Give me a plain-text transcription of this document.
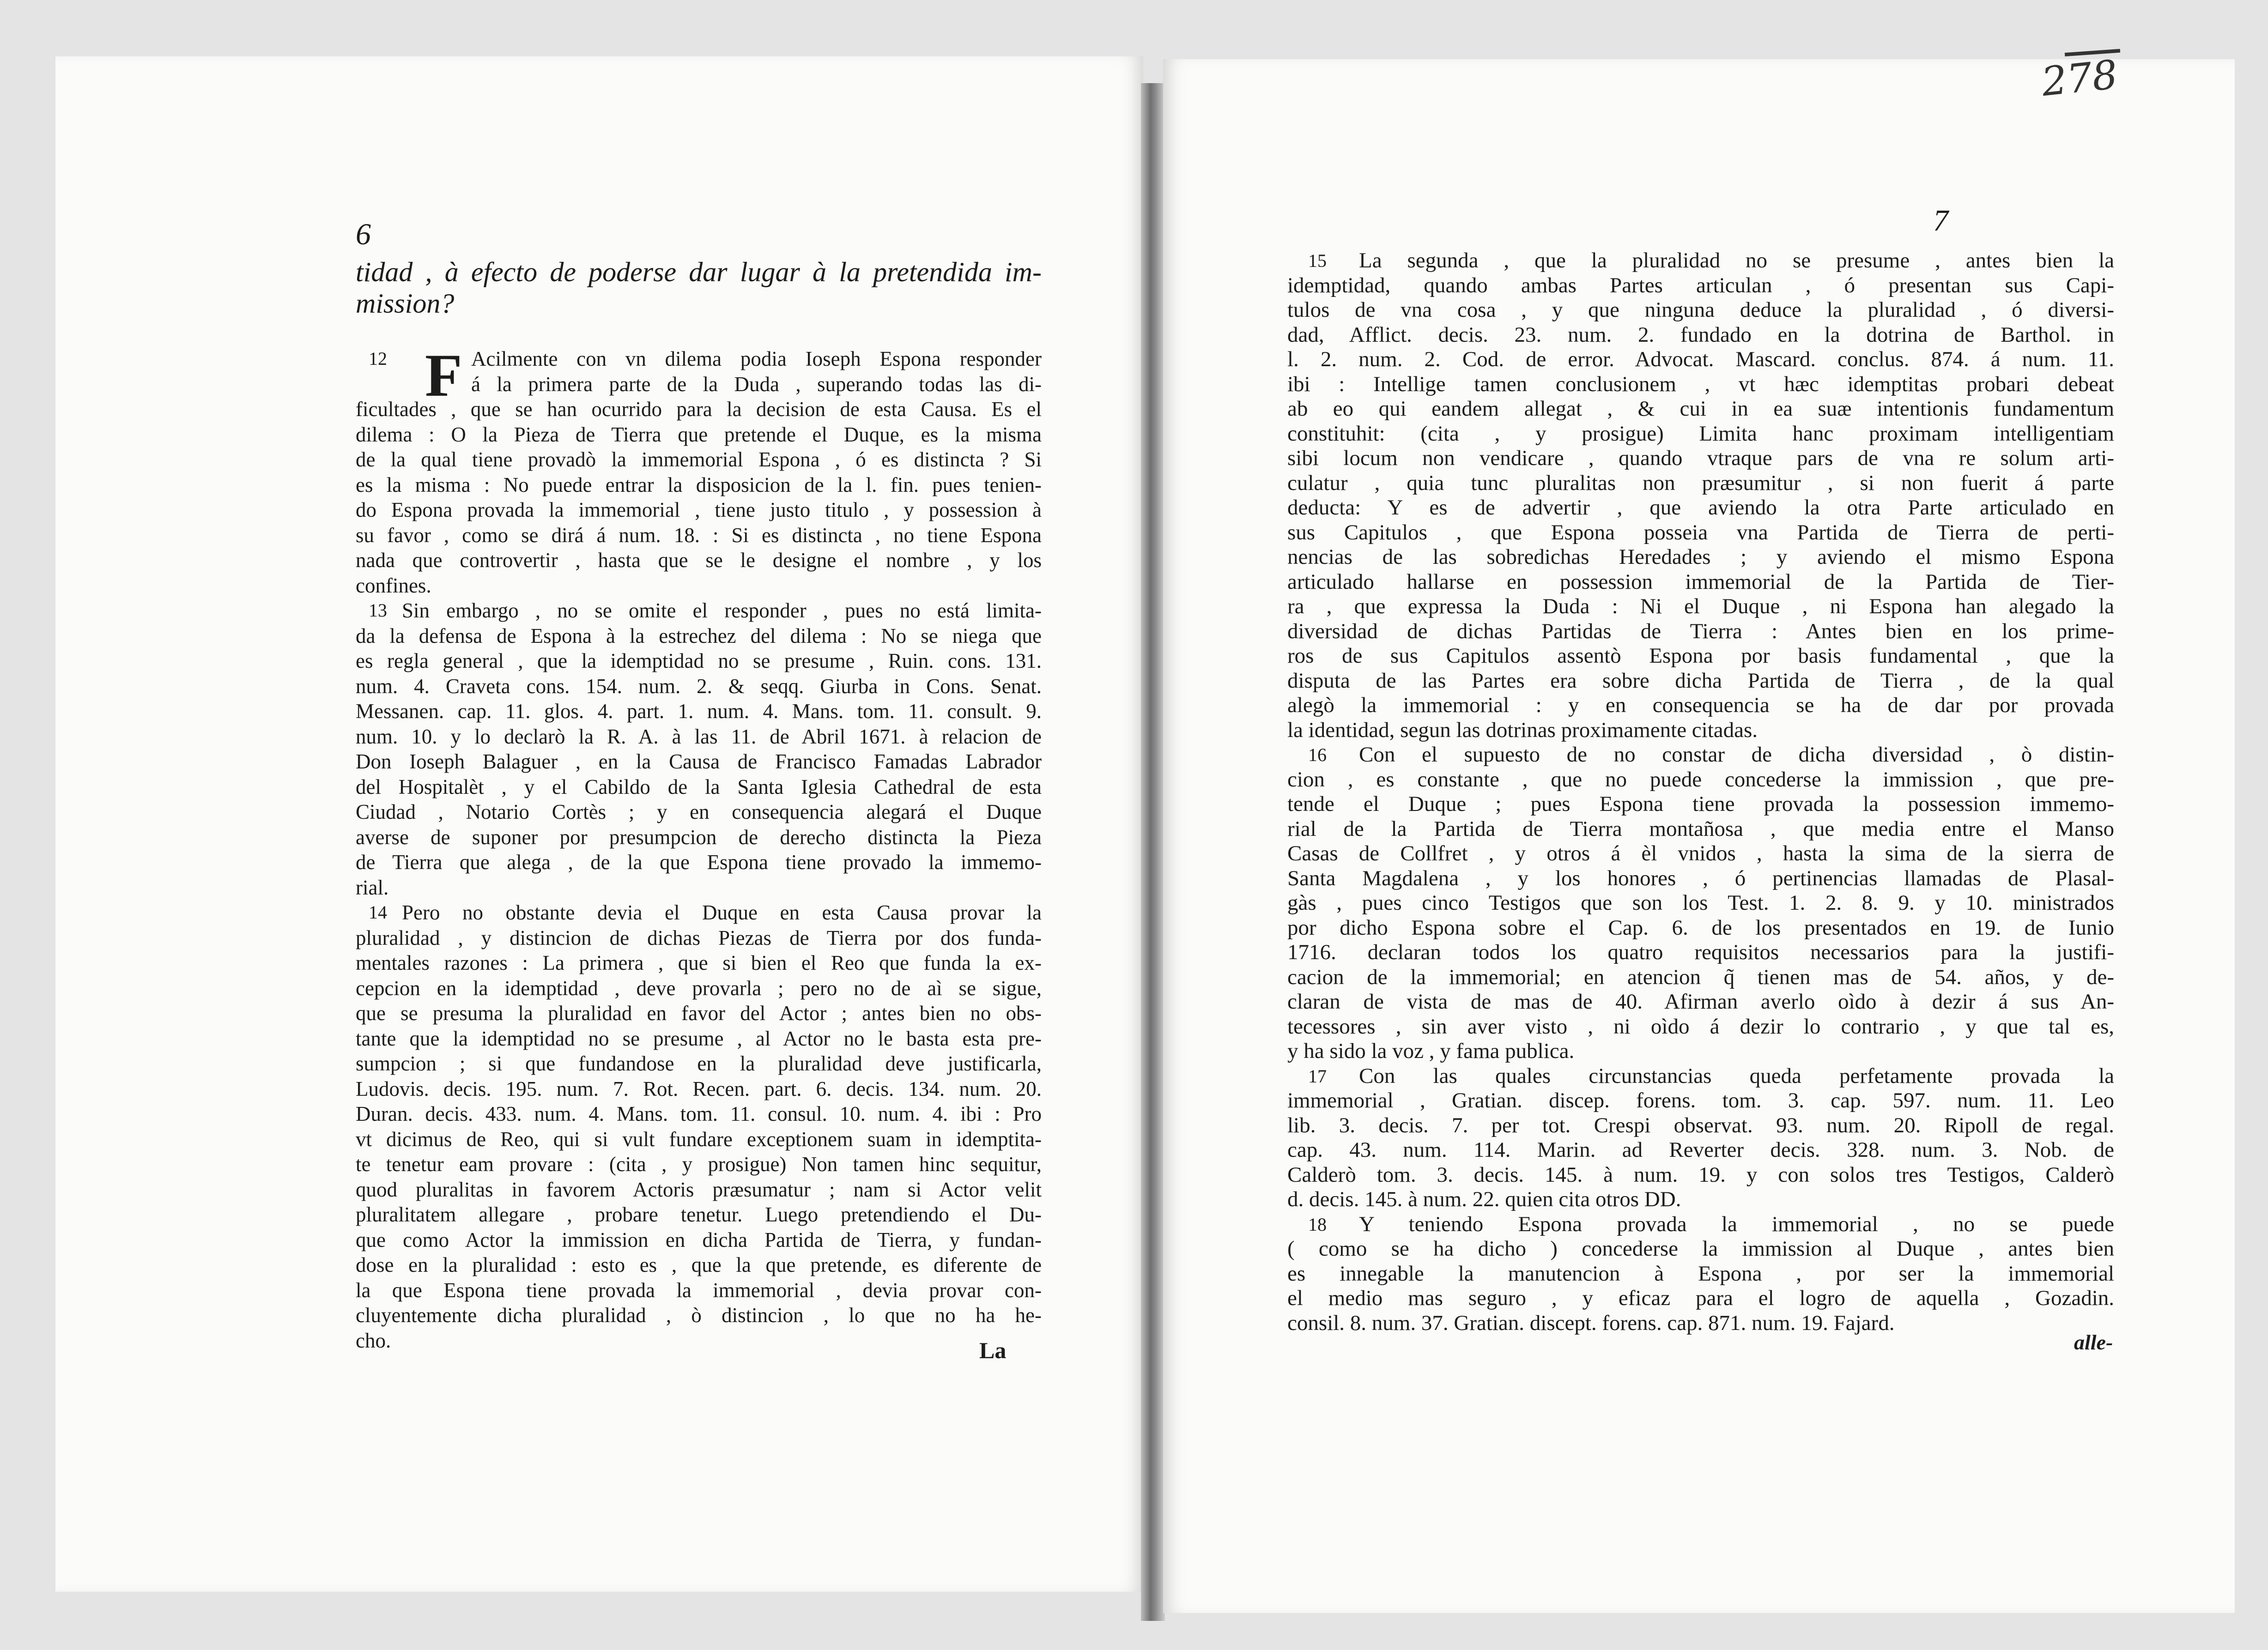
278
6
tidad , à efecto de poderse dar lugar à la pretendida im-
mission?
12 F Acilmente con vn dilema podia Ioseph Espona responder
á la primera parte de la Duda , superando todas las di-
ficultades , que se han ocurrido para la decision de esta Causa. Es el
dilema : O la Pieza de Tierra que pretende el Duque, es la misma
de la qual tiene provadò la immemorial Espona , ó es distincta ? Si
es la misma : No puede entrar la disposicion de la l. fin. pues tenien-
do Espona provada la immemorial , tiene justo titulo , y possession à
su favor , como se dirá á num. 18. : Si es distincta , no tiene Espona
nada que controvertir , hasta que se le designe el nombre , y los
confines.
13 Sin embargo , no se omite el responder , pues no está limita-
da la defensa de Espona à la estrechez del dilema : No se niega que
es regla general , que la idemptidad no se presume , Ruin. cons. 131.
num. 4. Craveta cons. 154. num. 2. & seqq. Giurba in Cons. Senat.
Messanen. cap. 11. glos. 4. part. 1. num. 4. Mans. tom. 11. consult. 9.
num. 10. y lo declarò la R. A. à las 11. de Abril 1671. à relacion de
Don Ioseph Balaguer , en la Causa de Francisco Famadas Labrador
del Hospitalèt , y el Cabildo de la Santa Iglesia Cathedral de esta
Ciudad , Notario Cortès ; y en consequencia alegará el Duque
averse de suponer por presumpcion de derecho distincta la Pieza
de Tierra que alega , de la que Espona tiene provado la immemo-
rial.
14 Pero no obstante devia el Duque en esta Causa provar la
pluralidad , y distincion de dichas Piezas de Tierra por dos funda-
mentales razones : La primera , que si bien el Reo que funda la ex-
cepcion en la idemptidad , deve provarla ; pero no de aì se sigue,
que se presuma la pluralidad en favor del Actor ; antes bien no obs-
tante que la idemptidad no se presume , al Actor no le basta esta pre-
sumpcion ; si que fundandose en la pluralidad deve justificarla,
Ludovis. decis. 195. num. 7. Rot. Recen. part. 6. decis. 134. num. 20.
Duran. decis. 433. num. 4. Mans. tom. 11. consul. 10. num. 4. ibi : Pro
vt dicimus de Reo, qui si vult fundare exceptionem suam in idemptita-
te tenetur eam provare : (cita , y prosigue) Non tamen hinc sequitur,
quod pluralitas in favorem Actoris præsumatur ; nam si Actor velit
pluralitatem allegare , probare tenetur. Luego pretendiendo el Du-
que como Actor la immission en dicha Partida de Tierra, y fundan-
dose en la pluralidad : esto es , que la que pretende, es diferente de
la que Espona tiene provada la immemorial , devia provar con-
cluyentemente dicha pluralidad , ò distincion , lo que no ha he-
cho.	La
7
15	La segunda , que la pluralidad no se presume , antes bien la
idemptidad, quando ambas Partes articulan , ó presentan sus Capi-
tulos de vna cosa , y que ninguna deduce la pluralidad , ó diversi-
dad, Afflict. decis. 23. num. 2. fundado en la dotrina de Barthol. in
l. 2. num. 2. Cod. de error. Advocat. Mascard. conclus. 874. á num. 11.
ibi : Intellige tamen conclusionem , vt hæc idemptitas probari debeat
ab eo qui eandem allegat , & cui in ea suæ intentionis fundamentum
constituhit: (cita , y prosigue) Limita hanc proximam intelligentiam
sibi locum non vendicare , quando vtraque pars de vna re solum arti-
culatur , quia tunc pluralitas non præsumitur , si non fuerit á parte
deducta: Y es de advertir , que aviendo la otra Parte articulado en
sus Capitulos , que Espona posseia vna Partida de Tierra de perti-
nencias de las sobredichas Heredades ; y aviendo el mismo Espona
articulado hallarse en possession immemorial de la Partida de Tier-
ra , que expressa la Duda : Ni el Duque , ni Espona han alegado la
diversidad de dichas Partidas de Tierra : Antes bien en los prime-
ros de sus Capitulos assentò Espona por basis fundamental , que la
disputa de las Partes era sobre dicha Partida de Tierra , de la qual
alegò la immemorial : y en consequencia se ha de dar por provada
la identidad, segun las dotrinas proximamente citadas.
16	Con el supuesto de no constar de dicha diversidad , ò distin-
cion , es constante , que no puede concederse la immission , que pre-
tende el Duque ; pues Espona tiene provada la possession immemo-
rial de la Partida de Tierra montañosa , que media entre el Manso
Casas de Collfret , y otros á èl vnidos , hasta la sima de la sierra de
Santa Magdalena , y los honores , ó pertinencias llamadas de Plasal-
gàs , pues cinco Testigos que son los Test. 1. 2. 8. 9. y 10. ministrados
por dicho Espona sobre el Cap. 6. de los presentados en 19. de Iunio
1716. declaran todos los quatro requisitos necessarios para la justifi-
cacion de la immemorial; en atencion q̃ tienen mas de 54. años, y de-
claran de vista de mas de 40. Afirman averlo oìdo à dezir á sus An-
tecessores , sin aver visto , ni oìdo á dezir lo contrario , y que tal es,
y ha sido la voz , y fama publica.
17	Con las quales circunstancias queda perfetamente provada la
immemorial , Gratian. discep. forens. tom. 3. cap. 597. num. 11. Leo
lib. 3. decis. 7. per tot. Crespi observat. 93. num. 20. Ripoll de regal.
cap. 43. num. 114. Marin. ad Reverter decis. 328. num. 3. Nob. de
Calderò tom. 3. decis. 145. à num. 19. y con solos tres Testigos, Calderò
d. decis. 145. à num. 22. quien cita otros DD.
18	Y teniendo Espona provada la immemorial , no se puede
( como se ha dicho ) concederse la immission al Duque , antes bien
es innegable la manutencion à Espona , por ser la immemorial
el medio mas seguro , y eficaz para el logro de aquella , Gozadin.
consil. 8. num. 37. Gratian. discept. forens. cap. 871. num. 19. Fajard.
alle-
